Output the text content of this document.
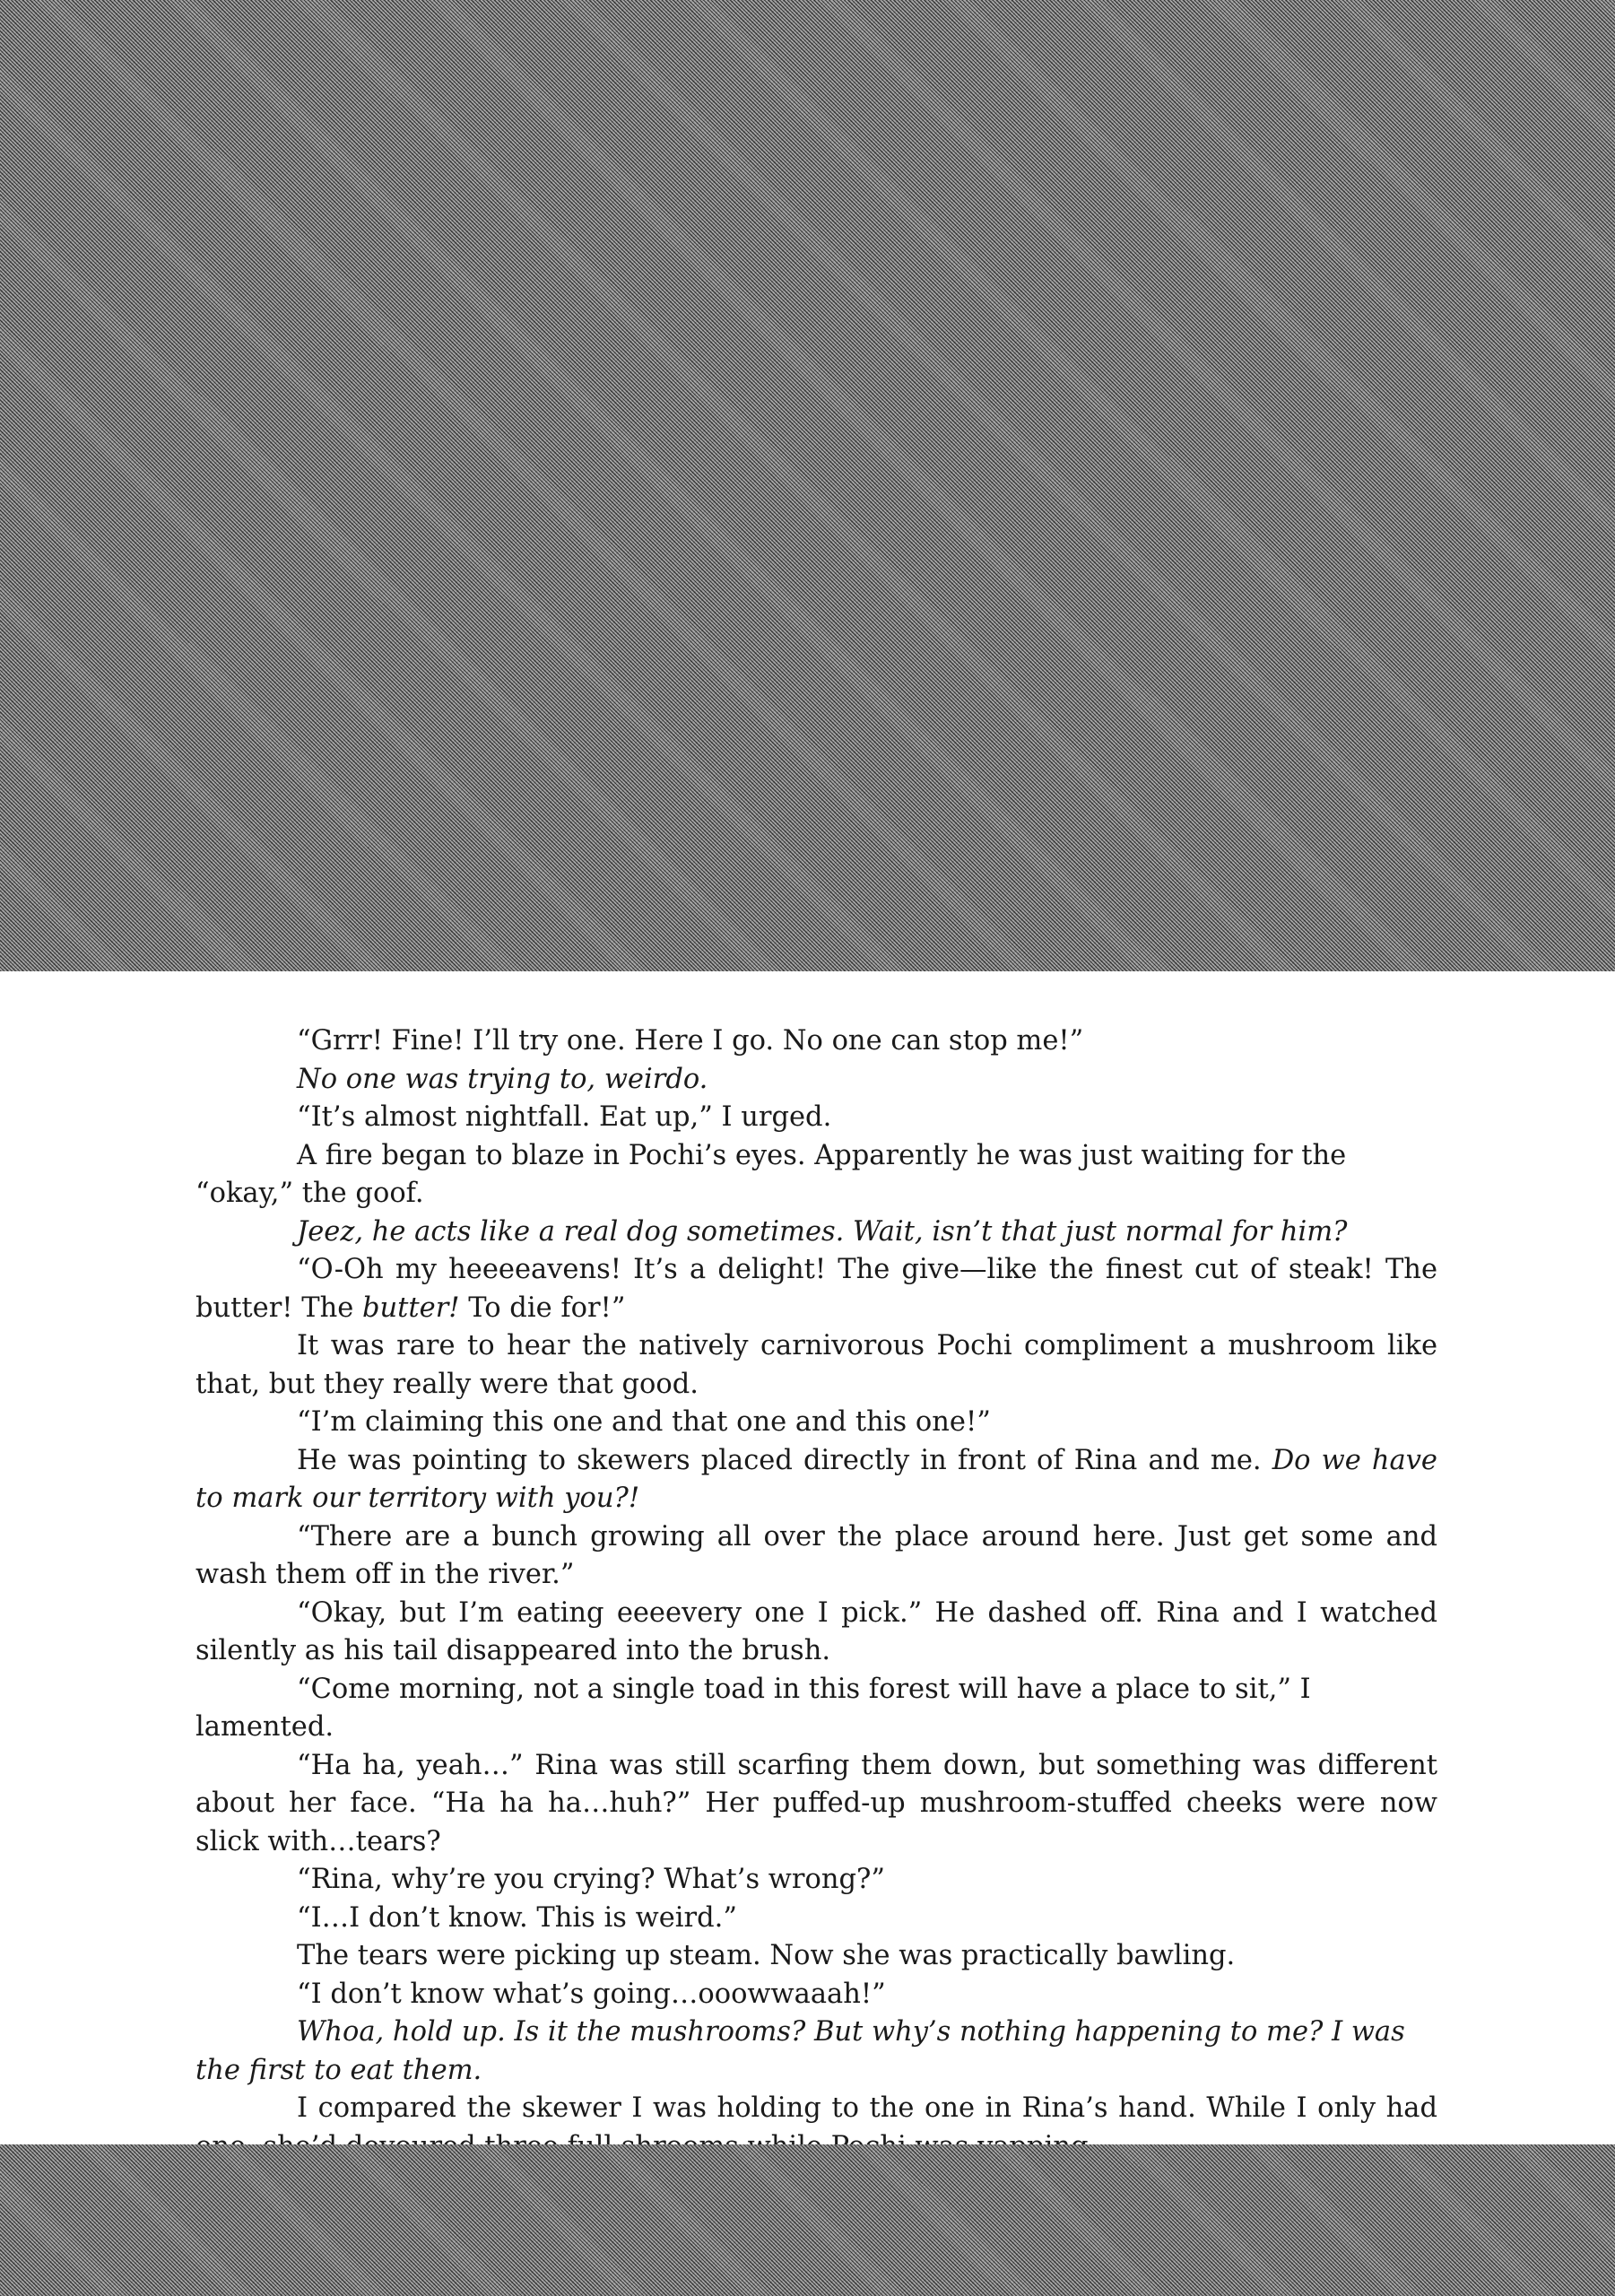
“Grrr! Fine! I’ll try one. Here I go. No one can stop me!”

No one was trying to, weirdo.

“It’s almost nightfall. Eat up,” I urged.

A fire began to blaze in Pochi’s eyes. Apparently he was just waiting for the “okay,” the goof.

Jeez, he acts like a real dog sometimes. Wait, isn’t that just normal for him?

“O-Oh my heeeeavens! It’s a delight! The give—like the finest cut of steak! The butter! The butter! To die for!”

It was rare to hear the natively carnivorous Pochi compliment a mushroom like that, but they really were that good.

“I’m claiming this one and that one and this one!”

He was pointing to skewers placed directly in front of Rina and me. Do we have to mark our territory with you?!

“There are a bunch growing all over the place around here. Just get some and wash them off in the river.”

“Okay, but I’m eating eeeevery one I pick.” He dashed off. Rina and I watched silently as his tail disappeared into the brush.

“Come morning, not a single toad in this forest will have a place to sit,” I lamented.

“Ha ha, yeah…” Rina was still scarfing them down, but something was different about her face. “Ha ha ha…huh?” Her puffed-up mushroom-stuffed cheeks were now slick with…tears?

“Rina, why’re you crying? What’s wrong?”

“I…I don’t know. This is weird.”

The tears were picking up steam. Now she was practically bawling.

“I don’t know what’s going…ooowwaaah!”

Whoa, hold up. Is it the mushrooms? But why’s nothing happening to me? I was the first to eat them.

I compared the skewer I was holding to the one in Rina’s hand. While I only had
